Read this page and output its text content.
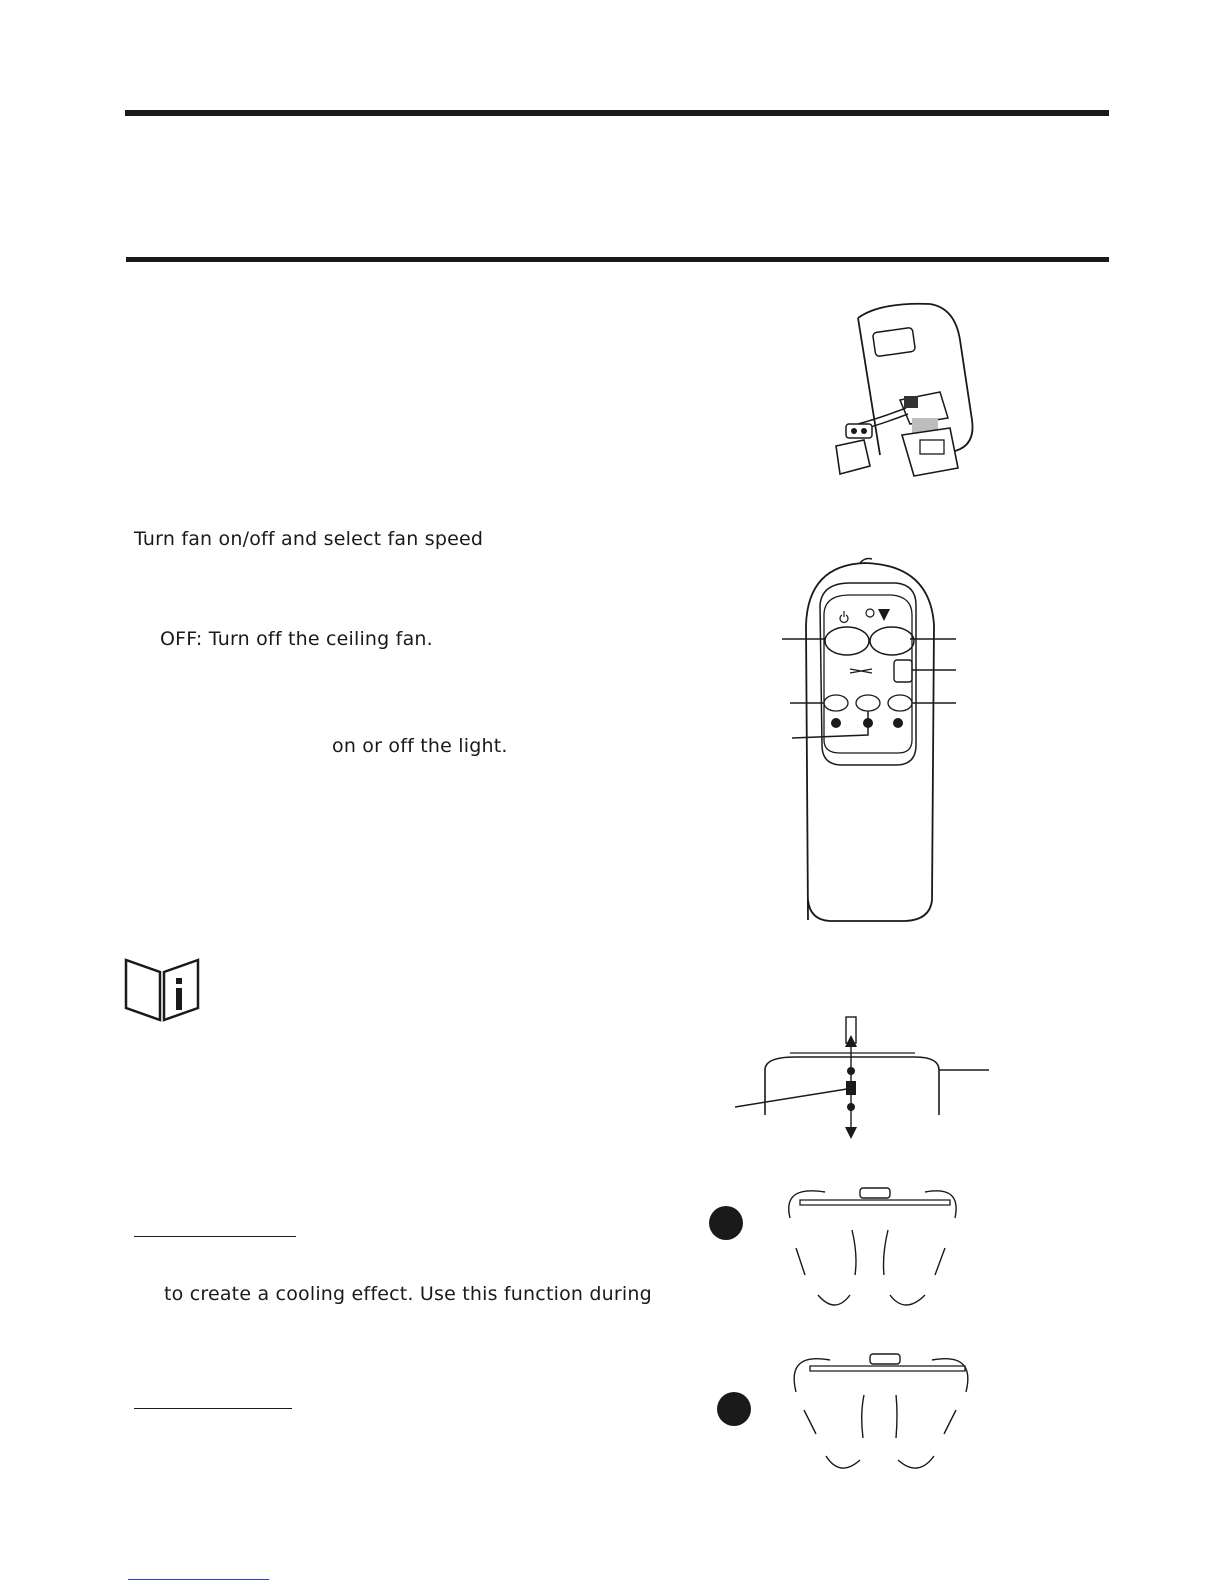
Turn fan on/off and select fan speed
OFF: Turn off the ceiling fan.
on or off the light.
to create a cooling effect. Use this function during
